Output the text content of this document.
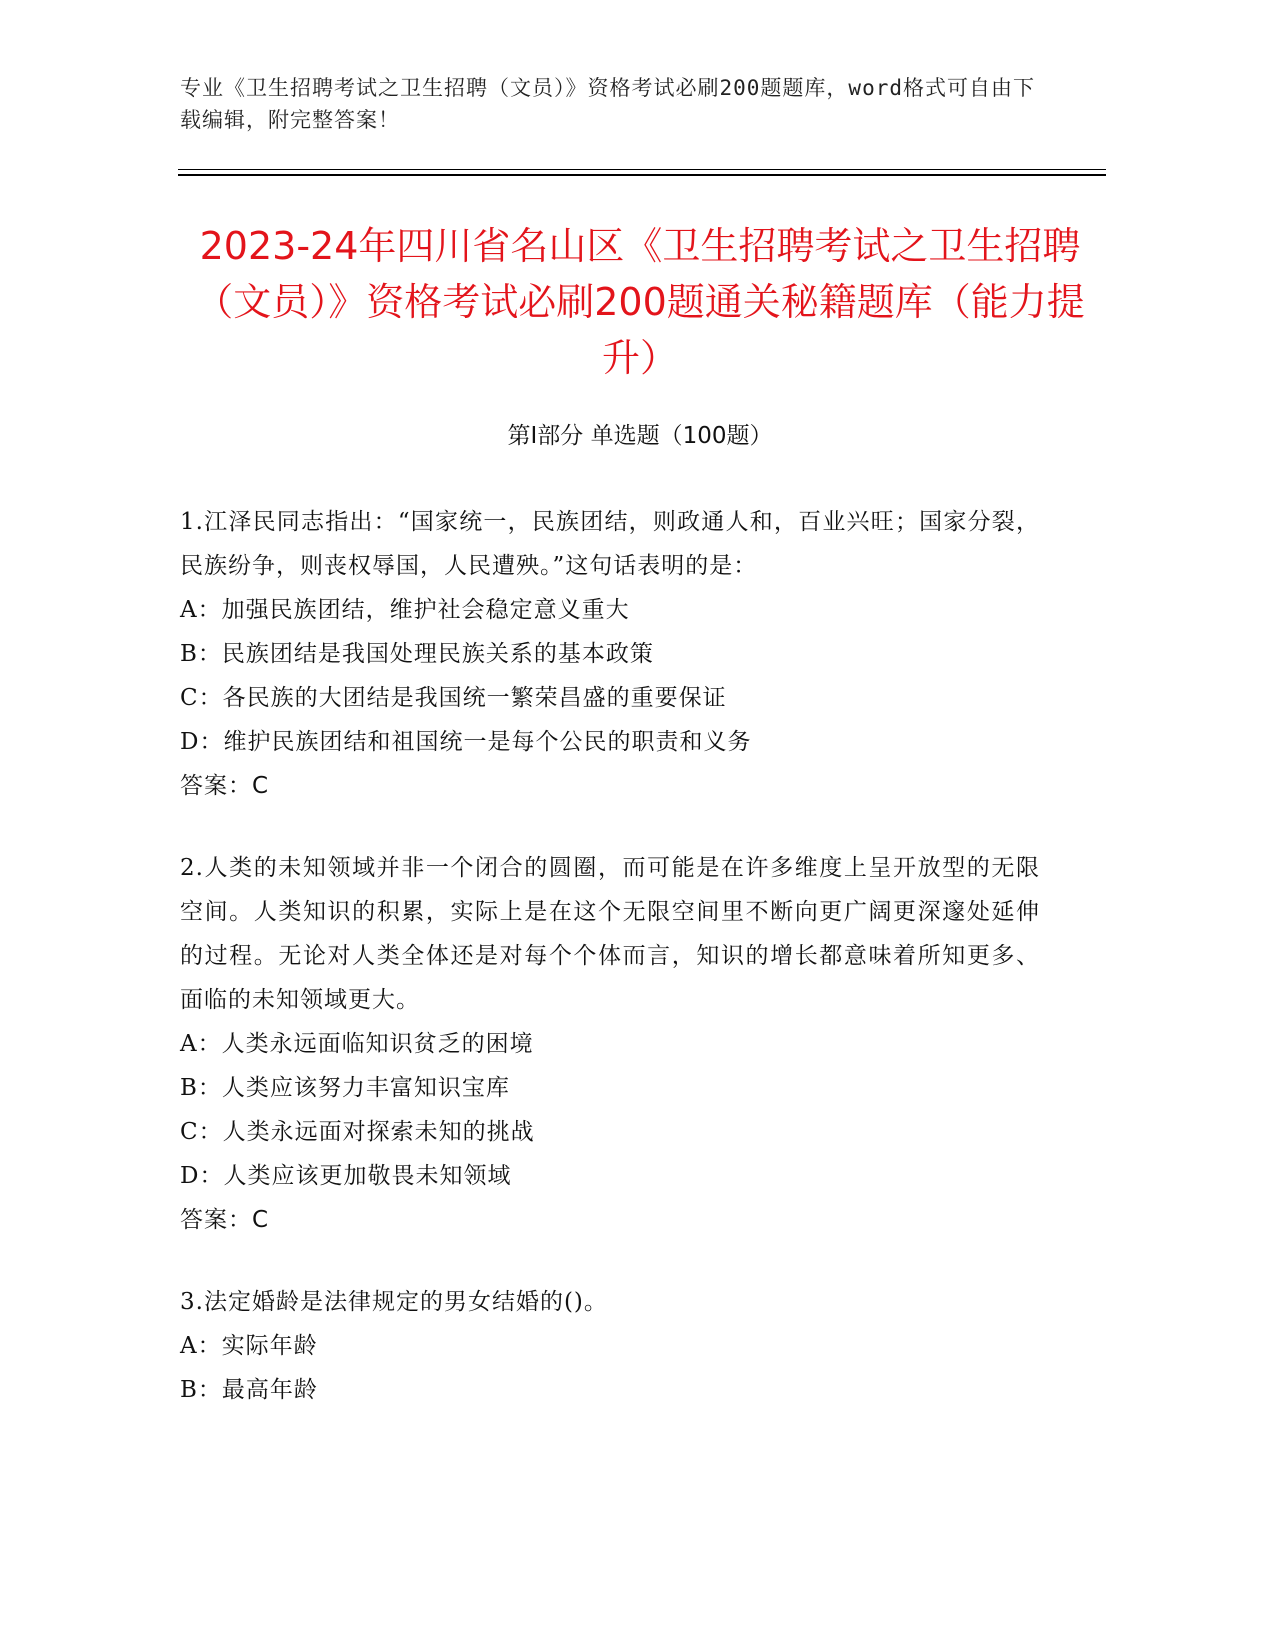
专业《卫生招聘考试之卫生招聘（文员）》资格考试必刷200题题库，word格式可自由下载编辑，附完整答案！
2023-24年四川省名山区《卫生招聘考试之卫生招聘（文员）》资格考试必刷200题通关秘籍题库（能力提升）
第Ⅰ部分 单选题（100题）
1.江泽民同志指出：“国家统一，民族团结，则政通人和，百业兴旺；国家分裂，民族纷争，则丧权辱国，人民遭殃。”这句话表明的是：
A：加强民族团结，维护社会稳定意义重大
B：民族团结是我国处理民族关系的基本政策
C：各民族的大团结是我国统一繁荣昌盛的重要保证
D：维护民族团结和祖国统一是每个公民的职责和义务
答案：C
2.人类的未知领域并非一个闭合的圆圈，而可能是在许多维度上呈开放型的无限空间。人类知识的积累，实际上是在这个无限空间里不断向更广阔更深邃处延伸的过程。无论对人类全体还是对每个个体而言，知识的增长都意味着所知更多、面临的未知领域更大。
A：人类永远面临知识贫乏的困境
B：人类应该努力丰富知识宝库
C：人类永远面对探索未知的挑战
D：人类应该更加敬畏未知领域
答案：C
3.法定婚龄是法律规定的男女结婚的()。
A：实际年龄
B：最高年龄
